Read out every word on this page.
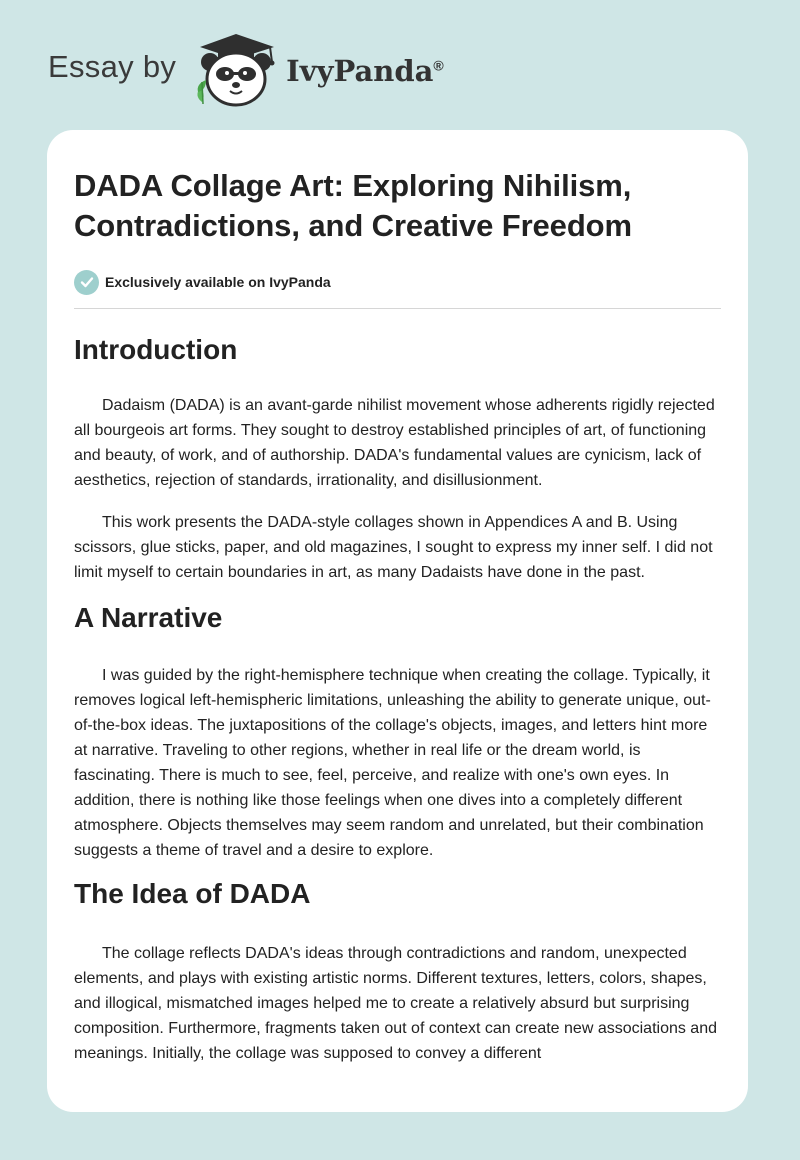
Essay by	IvyPanda®
DADA Collage Art: Exploring Nihilism, Contradictions, and Creative Freedom
Exclusively available on IvyPanda
Introduction

Dadaism (DADA) is an avant-garde nihilist movement whose adherents rigidly rejected all bourgeois art forms. They sought to destroy established principles of art, of functioning and beauty, of work, and of authorship. DADA's fundamental values are cynicism, lack of aesthetics, rejection of standards, irrationality, and disillusionment.

This work presents the DADA-style collages shown in Appendices A and B. Using scissors, glue sticks, paper, and old magazines, I sought to express my inner self. I did not limit myself to certain boundaries in art, as many Dadaists have done in the past.

A Narrative

I was guided by the right-hemisphere technique when creating the collage. Typically, it removes logical left-hemispheric limitations, unleashing the ability to generate unique, out-of-the-box ideas. The juxtapositions of the collage's objects, images, and letters hint more at narrative. Traveling to other regions, whether in real life or the dream world, is fascinating. There is much to see, feel, perceive, and realize with one's own eyes. In addition, there is nothing like those feelings when one dives into a completely different atmosphere. Objects themselves may seem random and unrelated, but their combination suggests a theme of travel and a desire to explore.

The Idea of DADA

The collage reflects DADA's ideas through contradictions and random, unexpected elements, and plays with existing artistic norms. Different textures, letters, colors, shapes, and illogical, mismatched images helped me to create a relatively absurd but surprising composition. Furthermore, fragments taken out of context can create new associations and meanings. Initially, the collage was supposed to convey a different
